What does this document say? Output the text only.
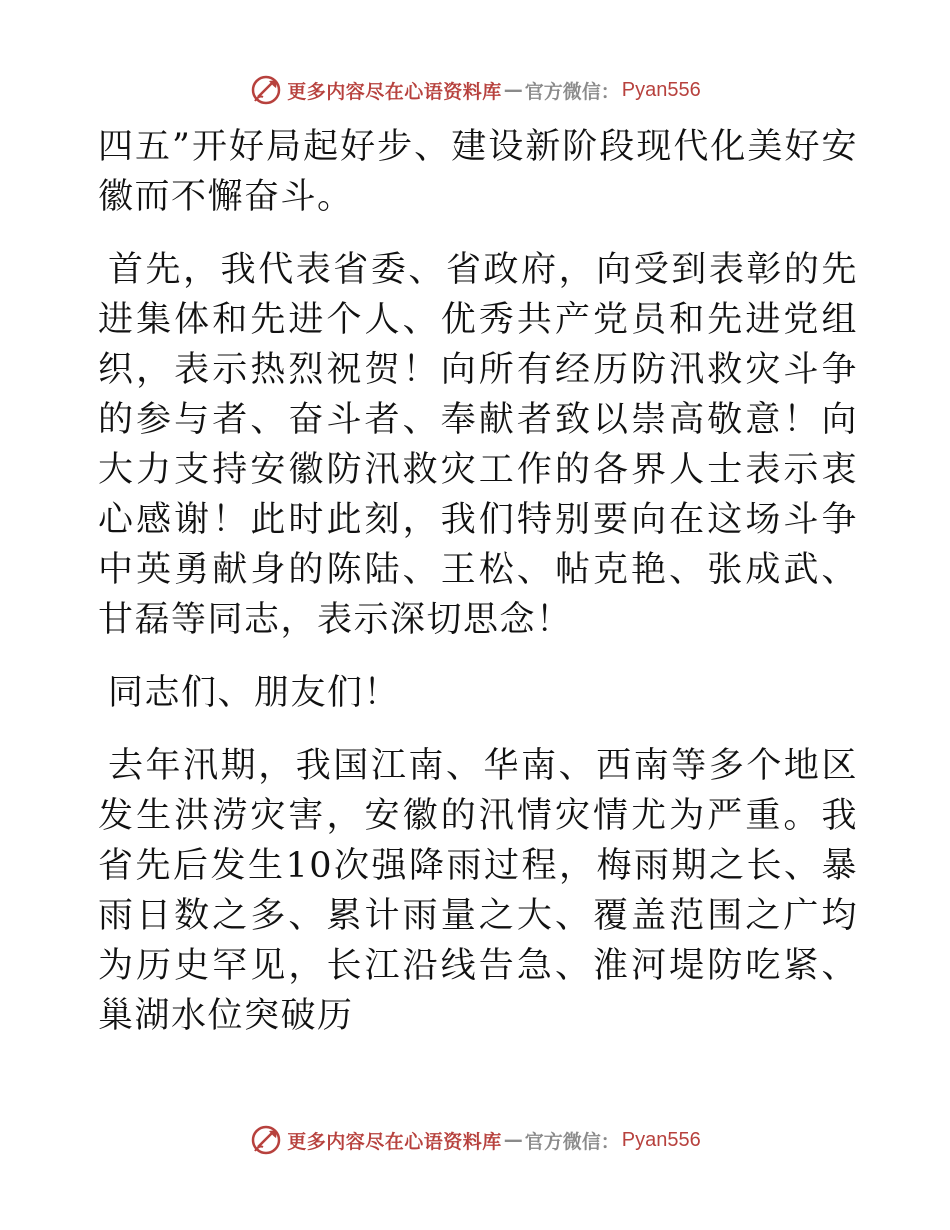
更多内容尽在心语资料库 — 官方微信： Pyan556

四五”开好局起好步、建设新阶段现代化美好安徽而不懈奋斗。

首先，我代表省委、省政府，向受到表彰的先进集体和先进个人、优秀共产党员和先进党组织，表示热烈祝贺！向所有经历防汛救灾斗争的参与者、奋斗者、奉献者致以崇高敬意！向大力支持安徽防汛救灾工作的各界人士表示衷心感谢！此时此刻，我们特别要向在这场斗争中英勇献身的陈陆、王松、帖克艳、张成武、甘磊等同志，表示深切思念！

同志们、朋友们！

去年汛期，我国江南、华南、西南等多个地区发生洪涝灾害，安徽的汛情灾情尤为严重。我省先后发生10次强降雨过程，梅雨期之长、暴雨日数之多、累计雨量之大、覆盖范围之广均为历史罕见，长江沿线告急、淮河堤防吃紧、巢湖水位突破历

更多内容尽在心语资料库 — 官方微信： Pyan556
